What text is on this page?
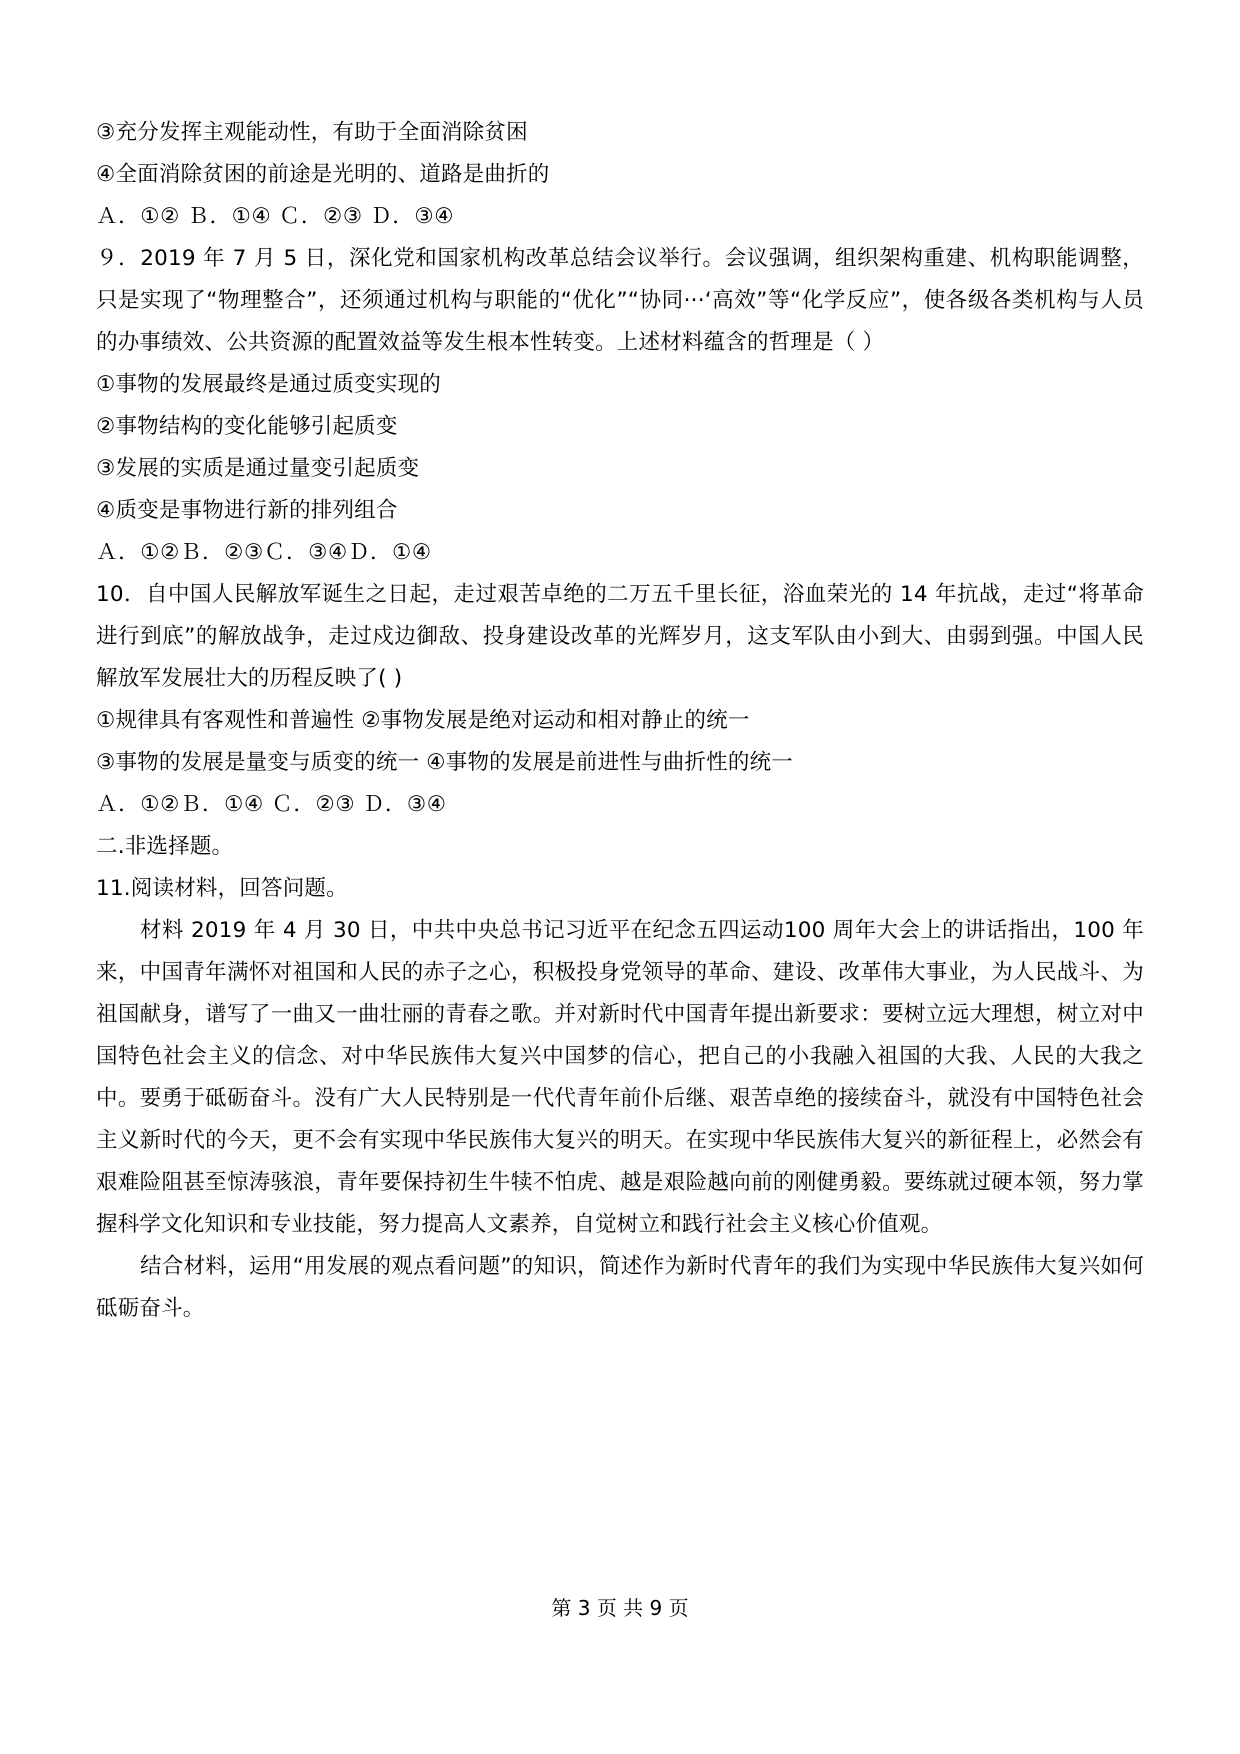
③充分发挥主观能动性，有助于全面消除贫困

④全面消除贫困的前途是光明的、道路是曲折的

Ａ．①② Ｂ．①④ Ｃ．②③ Ｄ．③④

９．2019 年 7 月 5 日，深化党和国家机构改革总结会议举行。会议强调，组织架构重建、机构职能调整，只是实现了“物理整合”，还须通过机构与职能的“优化”“协同···‘高效”等“化学反应”，使各级各类机构与人员的办事绩效、公共资源的配置效益等发生根本性转变。上述材料蕴含的哲理是（ ）

①事物的发展最终是通过质变实现的

②事物结构的变化能够引起质变

③发展的实质是通过量变引起质变

④质变是事物进行新的排列组合

Ａ．①②Ｂ．②③Ｃ．③④Ｄ．①④

10．自中国人民解放军诞生之日起，走过艰苦卓绝的二万五千里长征，浴血荣光的 14 年抗战，走过“将革命进行到底”的解放战争，走过戍边御敌、投身建设改革的光辉岁月，这支军队由小到大、由弱到强。中国人民解放军发展壮大的历程反映了( )

①规律具有客观性和普遍性 ②事物发展是绝对运动和相对静止的统一

③事物的发展是量变与质变的统一 ④事物的发展是前进性与曲折性的统一

Ａ．①②Ｂ．①④ Ｃ．②③ Ｄ．③④

二.非选择题。

11.阅读材料，回答问题。

材料 2019 年 4 月 30 日，中共中央总书记习近平在纪念五四运动100 周年大会上的讲话指出，100 年来，中国青年满怀对祖国和人民的赤子之心，积极投身党领导的革命、建设、改革伟大事业，为人民战斗、为祖国献身，谱写了一曲又一曲壮丽的青春之歌。并对新时代中国青年提出新要求：要树立远大理想，树立对中国特色社会主义的信念、对中华民族伟大复兴中国梦的信心，把自己的小我融入祖国的大我、人民的大我之中。要勇于砥砺奋斗。没有广大人民特别是一代代青年前仆后继、艰苦卓绝的接续奋斗，就没有中国特色社会主义新时代的今天，更不会有实现中华民族伟大复兴的明天。在实现中华民族伟大复兴的新征程上，必然会有艰难险阻甚至惊涛骇浪，青年要保持初生牛犊不怕虎、越是艰险越向前的刚健勇毅。要练就过硬本领，努力掌握科学文化知识和专业技能，努力提高人文素养，自觉树立和践行社会主义核心价值观。

结合材料，运用“用发展的观点看问题”的知识，简述作为新时代青年的我们为实现中华民族伟大复兴如何砥砺奋斗。

第 3 页 共 9 页
